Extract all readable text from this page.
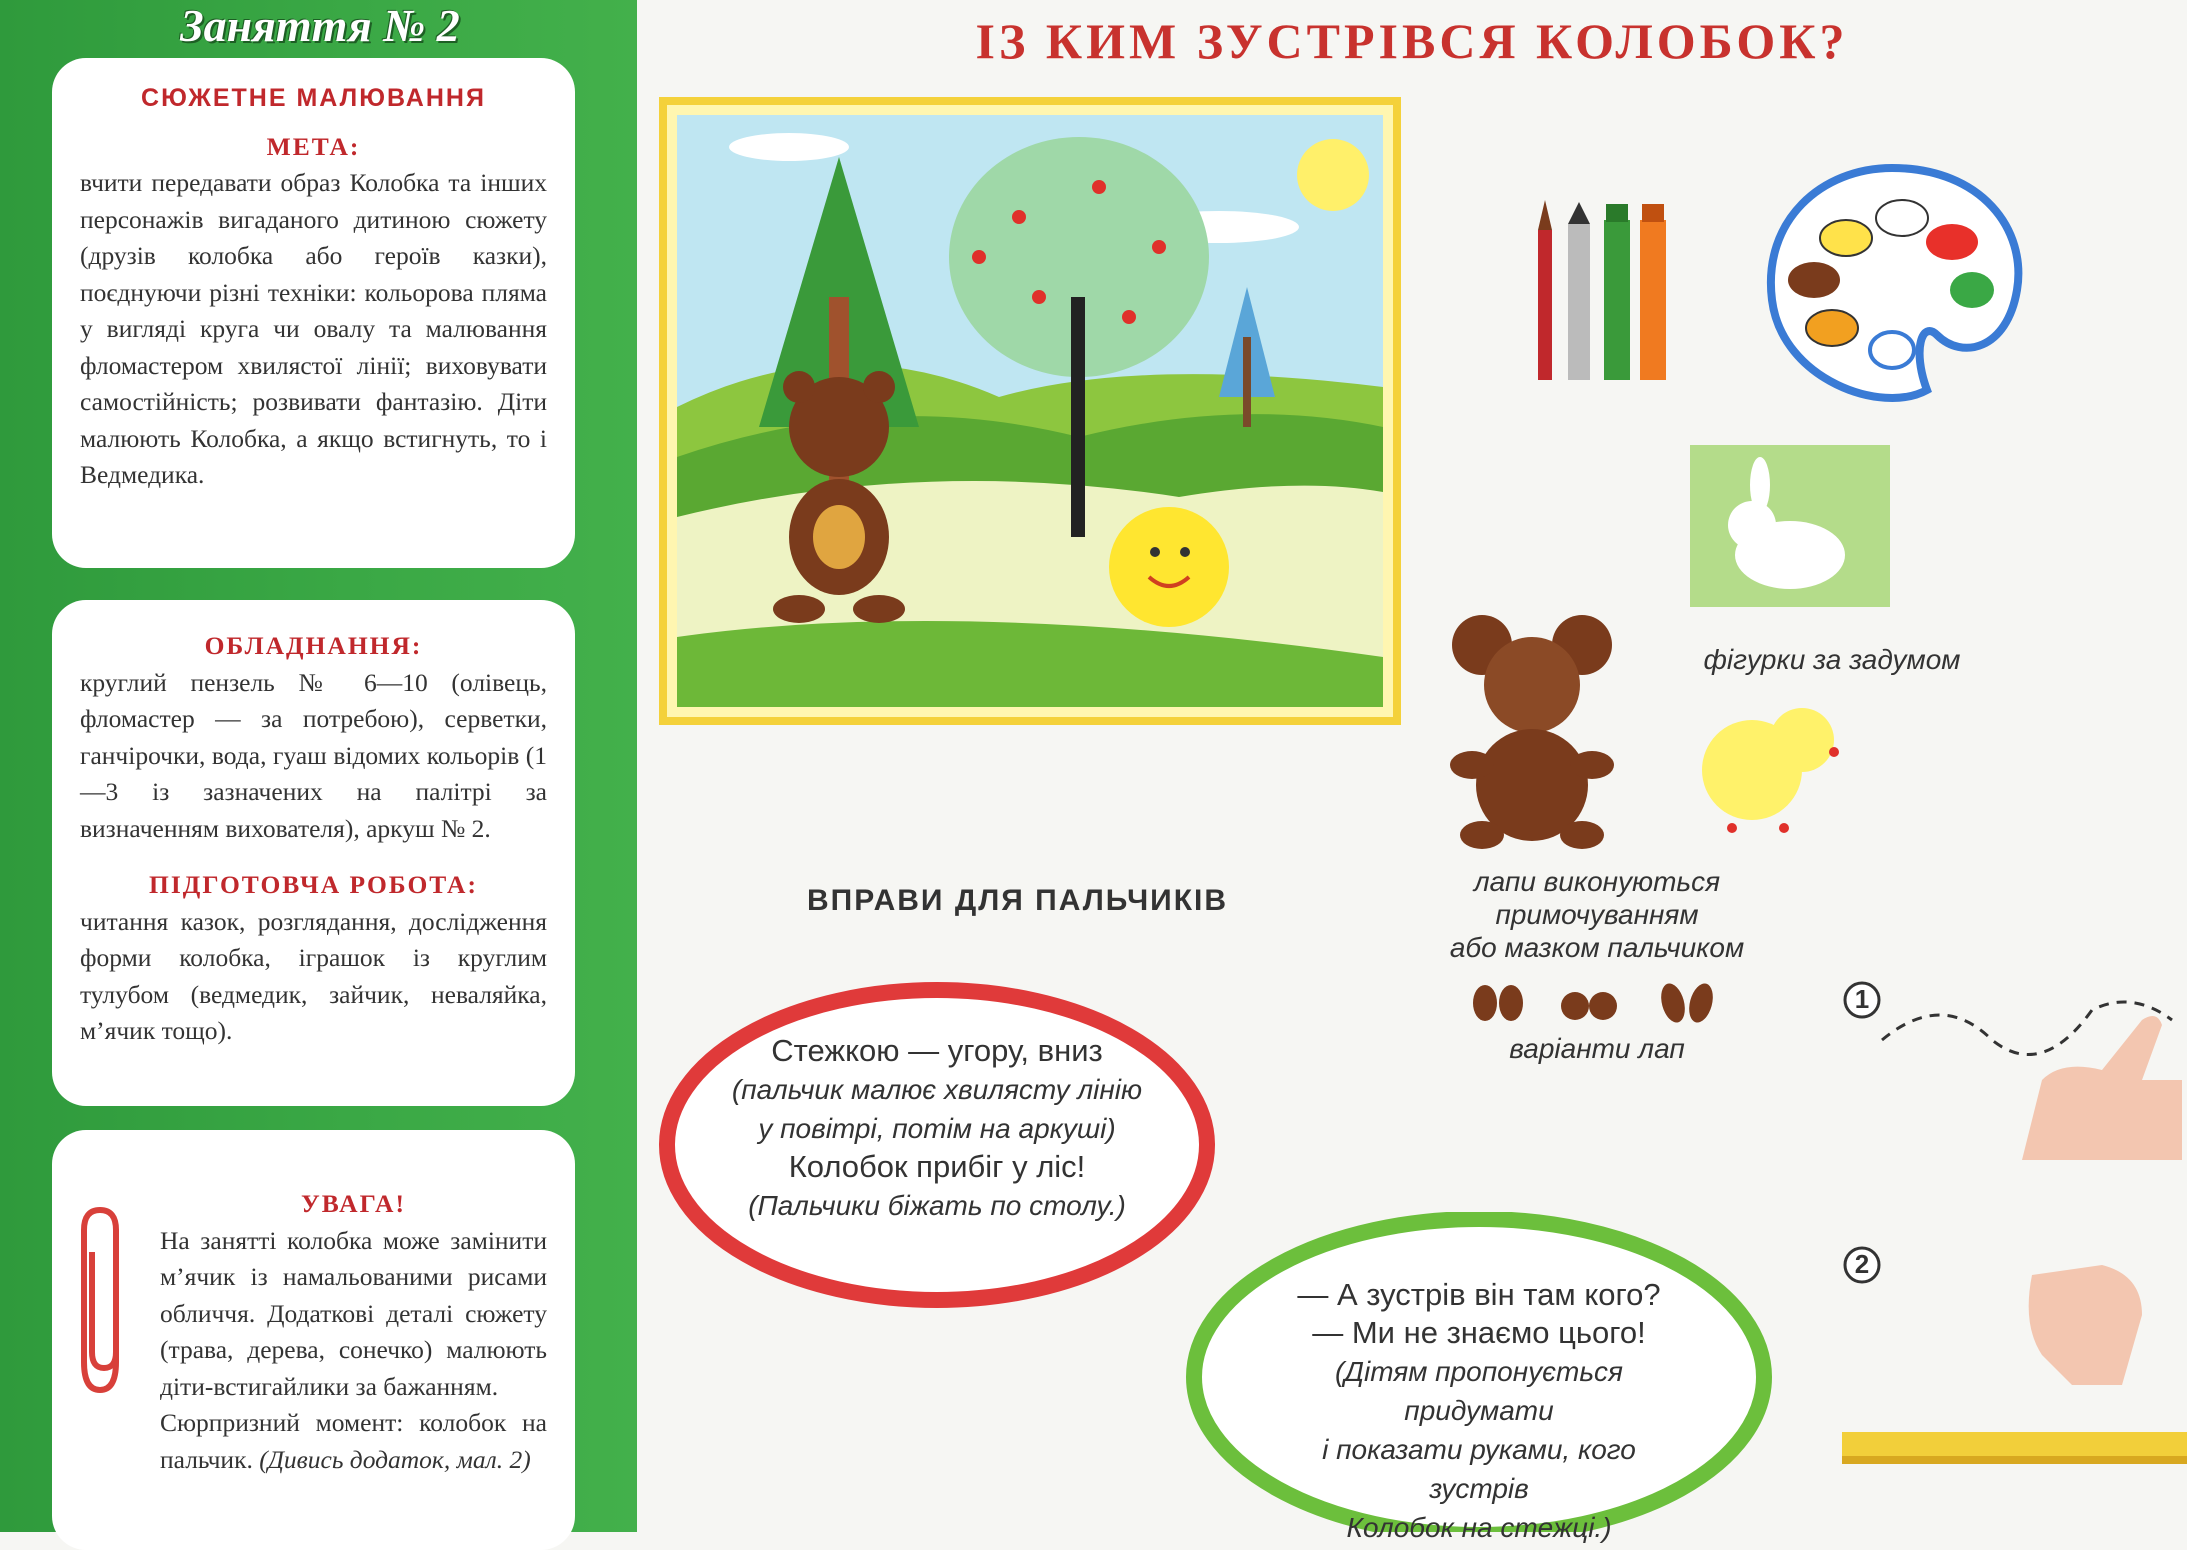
Заняття № 2

СЮЖЕТНЕ МАЛЮВАННЯ

МЕТА:

вчити передавати образ Колобка та інших персонажів вигаданого дитиною сюжету (друзів колобка або героїв казки), поєднуючи різні техніки: кольорова пляма у вигляді круга чи овалу та малювання фломастером хвилястої лінії; виховувати самостійність; розвивати фантазію. Діти малюють Колобка, а якщо встигнуть, то і Ведмедика.

ОБЛАДНАННЯ:

круглий пензель № 6—10 (олівець, фломастер — за потребою), серветки, ганчірочки, вода, гуаш відомих кольорів (1—3 із зазначених на палітрі за визначенням вихователя), аркуш № 2.

ПІДГОТОВЧА РОБОТА:

читання казок, розглядання, дослідження форми колобка, іграшок із круглим тулубом (ведмедик, зайчик, неваляйка, м’ячик тощо).

УВАГА!

На занятті колобка може замінити м’ячик із намальованими рисами обличчя. Додаткові деталі сюжету (трава, дерева, сонечко) малюють діти-встигайлики за бажанням.

Сюрпризний момент: колобок на пальчик. (Дивись додаток, мал. 2)

ІЗ КИМ ЗУСТРІВСЯ КОЛОБОК?
фігурки за задумом
лапи виконуються
примочуванням
або мазком пальчиком
варіанти лап
ВПРАВИ ДЛЯ ПАЛЬЧИКІВ
Стежкою — угору, вниз
(пальчик малює хвилясту лінію
у повітрі, потім на аркуші)
Колобок прибіг у ліс!
(Пальчики біжать по столу.)
— А зустрів він там кого?
— Ми не знаємо цього!
(Дітям пропонується придумати
і показати руками, кого зустрів
Колобок на стежці.)
1
2
